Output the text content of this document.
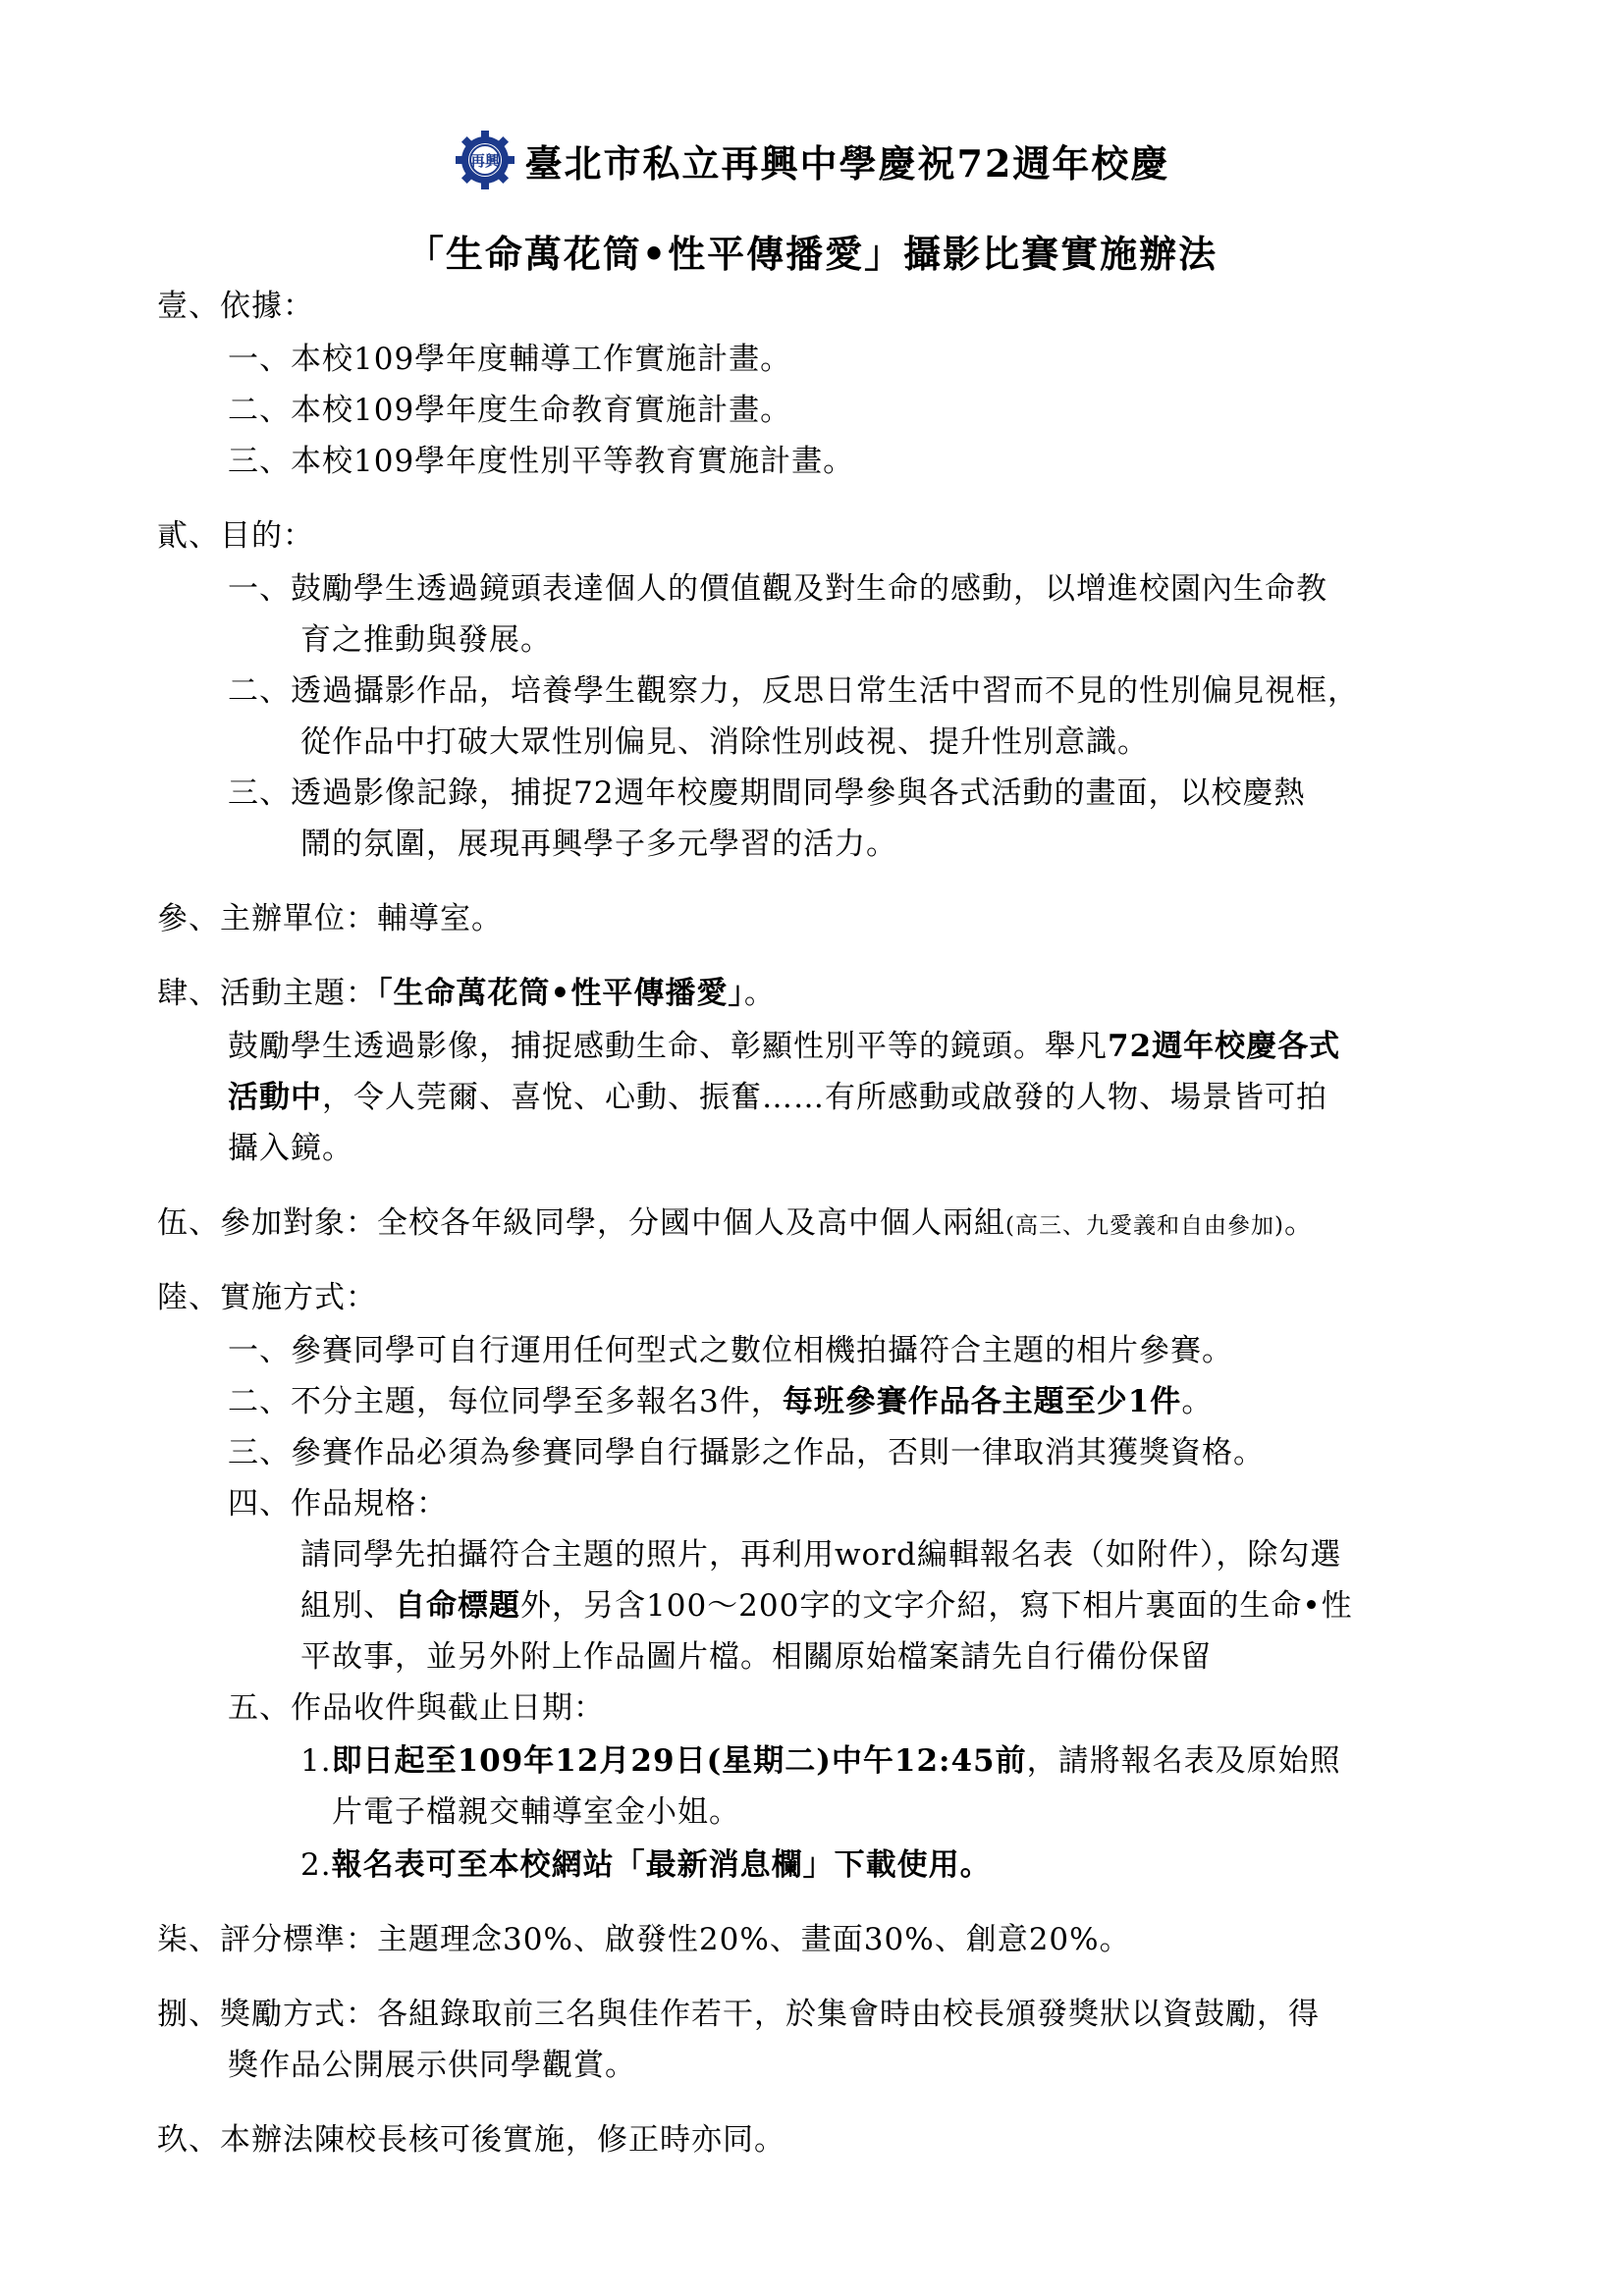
再興 臺北市私立再興中學慶祝72週年校慶
「生命萬花筒•性平傳播愛」攝影比賽實施辦法
壹、依據：
一、本校109學年度輔導工作實施計畫。
二、本校109學年度生命教育實施計畫。
三、本校109學年度性別平等教育實施計畫。
貳、目的：
一、鼓勵學生透過鏡頭表達個人的價值觀及對生命的感動，以增進校園內生命教
育之推動與發展。
二、透過攝影作品，培養學生觀察力，反思日常生活中習而不見的性別偏見視框，
從作品中打破大眾性別偏見、消除性別歧視、提升性別意識。
三、透過影像記錄，捕捉72週年校慶期間同學參與各式活動的畫面，以校慶熱
鬧的氛圍，展現再興學子多元學習的活力。
參、主辦單位：輔導室。
肆、活動主題：「生命萬花筒•性平傳播愛」。
鼓勵學生透過影像，捕捉感動生命、彰顯性別平等的鏡頭。舉凡72週年校慶各式
活動中，令人莞爾、喜悅、心動、振奮……有所感動或啟發的人物、場景皆可拍
攝入鏡。
伍、參加對象：全校各年級同學，分國中個人及高中個人兩組(高三、九愛義和自由參加)。
陸、實施方式：
一、參賽同學可自行運用任何型式之數位相機拍攝符合主題的相片參賽。
二、不分主題，每位同學至多報名3件，每班參賽作品各主題至少1件。
三、參賽作品必須為參賽同學自行攝影之作品，否則一律取消其獲獎資格。
四、作品規格：
請同學先拍攝符合主題的照片，再利用word編輯報名表（如附件），除勾選
組別、自命標題外，另含100～200字的文字介紹，寫下相片裏面的生命•性
平故事，並另外附上作品圖片檔。相關原始檔案請先自行備份保留
五、作品收件與截止日期：
1.即日起至109年12月29日(星期二)中午12:45前，請將報名表及原始照
片電子檔親交輔導室金小姐。
2.報名表可至本校網站「最新消息欄」下載使用。
柒、評分標準：主題理念30%、啟發性20%、畫面30%、創意20%。
捌、獎勵方式：各組錄取前三名與佳作若干，於集會時由校長頒發獎狀以資鼓勵，得
獎作品公開展示供同學觀賞。
玖、本辦法陳校長核可後實施，修正時亦同。
